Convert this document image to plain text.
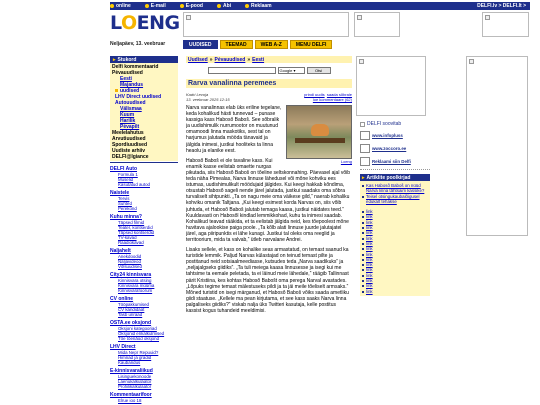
online	E-mail	E-pood	Abi	Reklaam	DELFI.lv > DELFI.lt >
LOENG
Neljapäev, 13. veebruar	UUDISED	TEEMAD	WEB A-Z	MENU DELFI
▸ Stukord
Delfi kommentaarid
Pėvauudised
Eesti
Majandus
uudised
LHV Direct uudised
Autouudised
Välismaa
Kuum
Harilik
Pėvapilt
Meelelahutus
Arvutiuudised
Spordiuudised
Uudiste arhiiv
DELFI@Igiance
DELFI Auto
Formula 1
Muselid
Kasutatud autod
Naistele
Tervis
Suhted
Perekond
Kuhu minna?
Täpsed filmid
Teater, kontserdid
Täpsed kontserdid
TV-kavad
Raadiokavad
Naljahelt
Anekdoodid
Naljavideod
Võlsuudised
City24 kinnisvara
Kinnisvara otsing
Kinnisvara müüma
Kinnisvarafoorum
CV online
Tööpakkumised
CV kandidaat
Tasb uriraad
OSTA.ee oksjond
Oksjoni kategooriad
Oksjonid erikalkulmised
Tõe tõenäod oksjond
LHV Direct
Mida Nepr Repuuid?
Himnad ja gradid
Kaubandus
E-kinnisvaraliikud
Lisinguekonoode
Laenukalkulaator
Profiilikalkulaator
Kommentaarifoor
Elrue ioo 18
Uudised » Pėvauudised » Eesti
Google ▾	Otsi
Rarva vanalinna peremees
Kadri Levoja
13. veebruar 2025 12:15
prindi uudis saada sõbrale
loe kommentaare (62)
Loeng

Narva vanalinnas elab üks eriline tegelane, keda kohalikud hästi tunnevad – punase kassiga kass Habosõ Baboš. See sõbralik ja uudishimulik nurrumootor on muutunud omamoodi linna maskotiks, sest tal on harjumus jalutada mööda tänavaid ja jälgida inimesi, justkui hooliteks ta linna heaolu ja elanike eest.

Habosõ Baboš ei ole tavaline kass. Kui enamik kasse eelistab omaette nurgas pikutada, siis Habosõ Baboš on tõeline seltskonnahing. Päevasel ajal võib teda näha Pimealas, Narva linnuse lähedusel või mõne kohviku ees istumas, uudishimulikult möödujaid jälgides. Kui keegi hakkab kõndima, otsustab Habosõ sageli nende järel jalutada, justkui saadaks oma sõbra turvaliselt sihtpunkti. „Ta on nagu meie oma väikese gild,“ naerab kohaliku kohviku omanik Taltjana. „Kui keegi esimest korda Narvas on, siis võib juhtuda, et Habosõ Baboš jalutab temaga kaasa, justkui näidates teed.“ Kuuldavasti on Habosõl kindlad lemmikkohad, kuhu ta inimesi saadab. Kohalikud teavad rääkida, et ta eelistab jälgida neid, kes tõepoolest mõne huvitava ajalookise paiga poole. „Ta kõlb alati linnuse juurde jalutajatel järel, aga piiripunktis ei lähe kunagi. Justkui tal oleks oma reeglid ja territoorium, mida ta valvab,“ ütleb narvalane Andrei.

Lisaks sellele, et kass on kohalike seas armastatud, on temast saanud ka turistide lemmik. Paljud Narvas külastajad on teinud temast pilte ja postitanud neid sotsiaalmeediasse, kutsudes teda „Narva saadikuks“ ja „neljajalgseks giidiks“. „Ta tuli meiega kaasa linnusesse ja isegi kui me tahtsime ta eemale peletada, ta ei läinud meie lähedale,“ räägib Tallinnast pärit Kristiina, kes kohtas Habosõ Babošt oma perega Narval avastades. „Lõpuks tegime temast mälestuseks pildi ja ta jäi meile tõeliselt armsaks.“ Mõned turistid on isegi märganud, et Habosõ Baboš võiks saada ametliku giidi staatuse. „Kellele ma pean kirjutama, et see kass saaks Narva linna palgaliseks giidiks?“ viskab nalja üks Twitteri kasutaja, kelle postitus kassist kogus tuhandeid meeldimisi.

DELFI soovitab
www.infopluss
www.zoccoro.ee
Reklaami siin Delfi
▸ Artiklite poolkirjad
Kas Habosõ Baboš on nüüd Narva linna tähtsaim kassike?
Teisel otsingukaubalõigusel edukalt tehakse
link
link
link
link
link
link
link
link
link
link
link
link
link
link
link
link
